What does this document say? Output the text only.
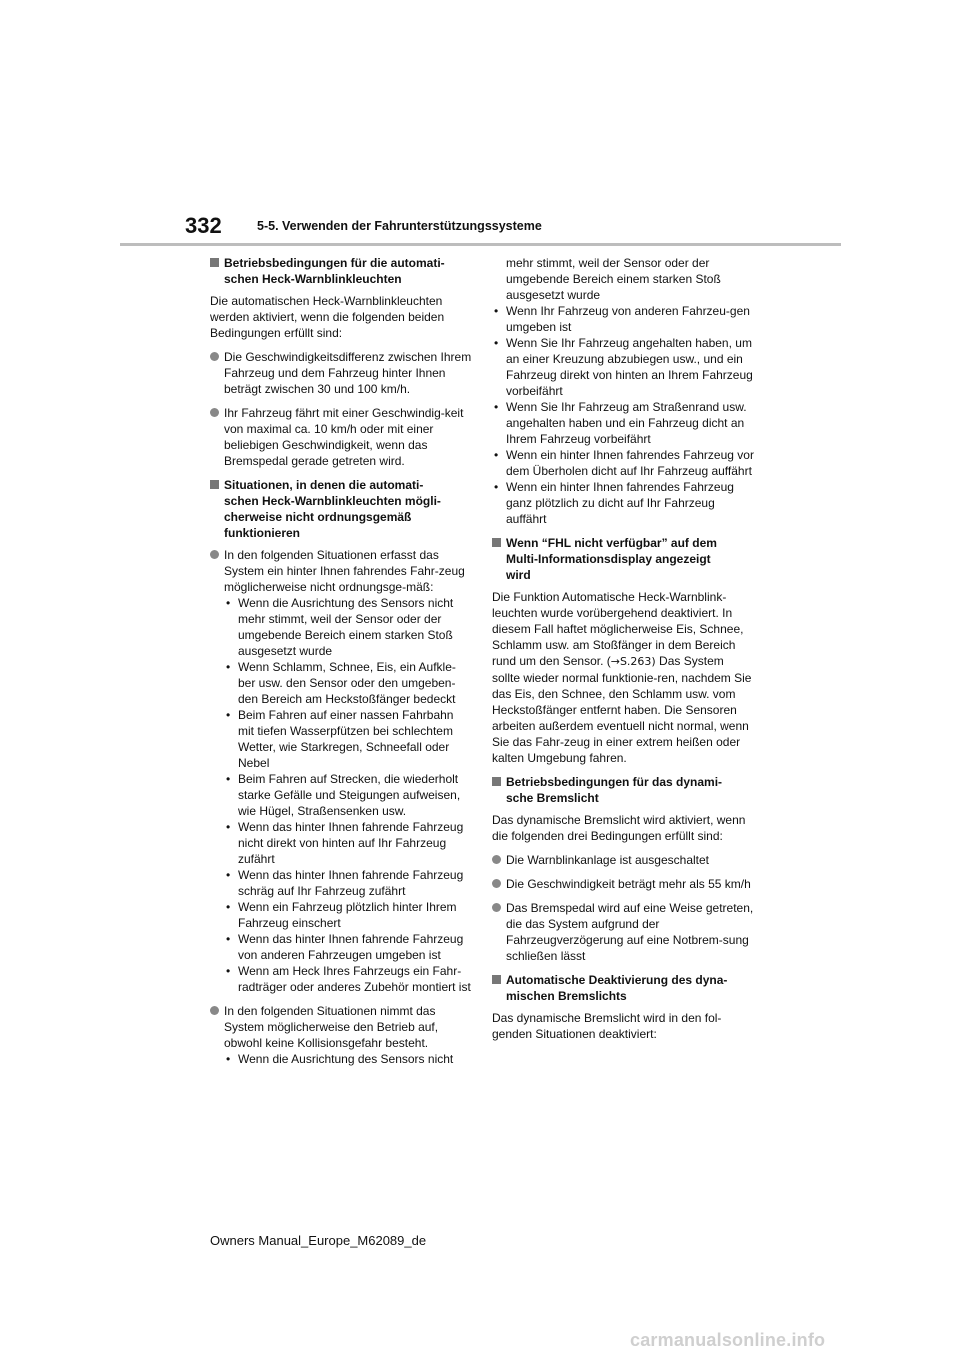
332	5-5. Verwenden der Fahrunterstützungssysteme
Betriebsbedingungen für die automati-
schen Heck-Warnblinkleuchten

Die automatischen Heck-Warnblinkleuchten werden aktiviert, wenn die folgenden beiden Bedingungen erfüllt sind:

Die Geschwindigkeitsdifferenz zwischen Ihrem Fahrzeug und dem Fahrzeug hinter Ihnen beträgt zwischen 30 und 100 km/h.
Ihr Fahrzeug fährt mit einer Geschwindig-keit von maximal ca. 10 km/h oder mit einer beliebigen Geschwindigkeit, wenn das Bremspedal gerade getreten wird.
Situationen, in denen die automati-
schen Heck-Warnblinkleuchten mögli-
cherweise nicht ordnungsgemäß
funktionieren
In den folgenden Situationen erfasst das System ein hinter Ihnen fahrendes Fahr-zeug möglicherweise nicht ordnungsge-mäß:
• Wenn die Ausrichtung des Sensors nicht mehr stimmt, weil der Sensor oder der umgebende Bereich einem starken Stoß ausgesetzt wurde
• Wenn Schlamm, Schnee, Eis, ein Aufkle-ber usw. den Sensor oder den umgeben-den Bereich am Heckstoßfänger bedeckt
• Beim Fahren auf einer nassen Fahrbahn mit tiefen Wasserpfützen bei schlechtem Wetter, wie Starkregen, Schneefall oder Nebel
• Beim Fahren auf Strecken, die wiederholt starke Gefälle und Steigungen aufweisen, wie Hügel, Straßensenken usw.
• Wenn das hinter Ihnen fahrende Fahrzeug nicht direkt von hinten auf Ihr Fahrzeug zufährt
• Wenn das hinter Ihnen fahrende Fahrzeug schräg auf Ihr Fahrzeug zufährt
• Wenn ein Fahrzeug plötzlich hinter Ihrem Fahrzeug einschert
• Wenn das hinter Ihnen fahrende Fahrzeug von anderen Fahrzeugen umgeben ist
• Wenn am Heck Ihres Fahrzeugs ein Fahr-radträger oder anderes Zubehör montiert ist
In den folgenden Situationen nimmt das System möglicherweise den Betrieb auf, obwohl keine Kollisionsgefahr besteht.
• Wenn die Ausrichtung des Sensors nicht
mehr stimmt, weil der Sensor oder der umgebende Bereich einem starken Stoß ausgesetzt wurde
• Wenn Ihr Fahrzeug von anderen Fahrzeu-gen umgeben ist
• Wenn Sie Ihr Fahrzeug angehalten haben, um an einer Kreuzung abzubiegen usw., und ein Fahrzeug direkt von hinten an Ihrem Fahrzeug vorbeifährt
• Wenn Sie Ihr Fahrzeug am Straßenrand usw. angehalten haben und ein Fahrzeug dicht an Ihrem Fahrzeug vorbeifährt
• Wenn ein hinter Ihnen fahrendes Fahrzeug vor dem Überholen dicht auf Ihr Fahrzeug auffährt
• Wenn ein hinter Ihnen fahrendes Fahrzeug ganz plötzlich zu dicht auf Ihr Fahrzeug auffährt
Wenn “FHL nicht verfügbar” auf dem
Multi-Informationsdisplay angezeigt
wird

Die Funktion Automatische Heck-Warnblink-leuchten wurde vorübergehend deaktiviert. In diesem Fall haftet möglicherweise Eis, Schnee, Schlamm usw. am Stoßfänger in dem Bereich rund um den Sensor. (→S.263) Das System sollte wieder normal funktionie-ren, nachdem Sie das Eis, den Schnee, den Schlamm usw. vom Heckstoßfänger entfernt haben. Die Sensoren arbeiten außerdem eventuell nicht normal, wenn Sie das Fahr-zeug in einer extrem heißen oder kalten Umgebung fahren.

Betriebsbedingungen für das dynami-
sche Bremslicht

Das dynamische Bremslicht wird aktiviert, wenn die folgenden drei Bedingungen erfüllt sind:

Die Warnblinkanlage ist ausgeschaltet
Die Geschwindigkeit beträgt mehr als 55 km/h
Das Bremspedal wird auf eine Weise getreten, die das System aufgrund der Fahrzeugverzögerung auf eine Notbrem-sung schließen lässt
Automatische Deaktivierung des dyna-
mischen Bremslichts

Das dynamische Bremslicht wird in den fol-genden Situationen deaktiviert:

Owners Manual_Europe_M62089_de
carmanualsonline.info
